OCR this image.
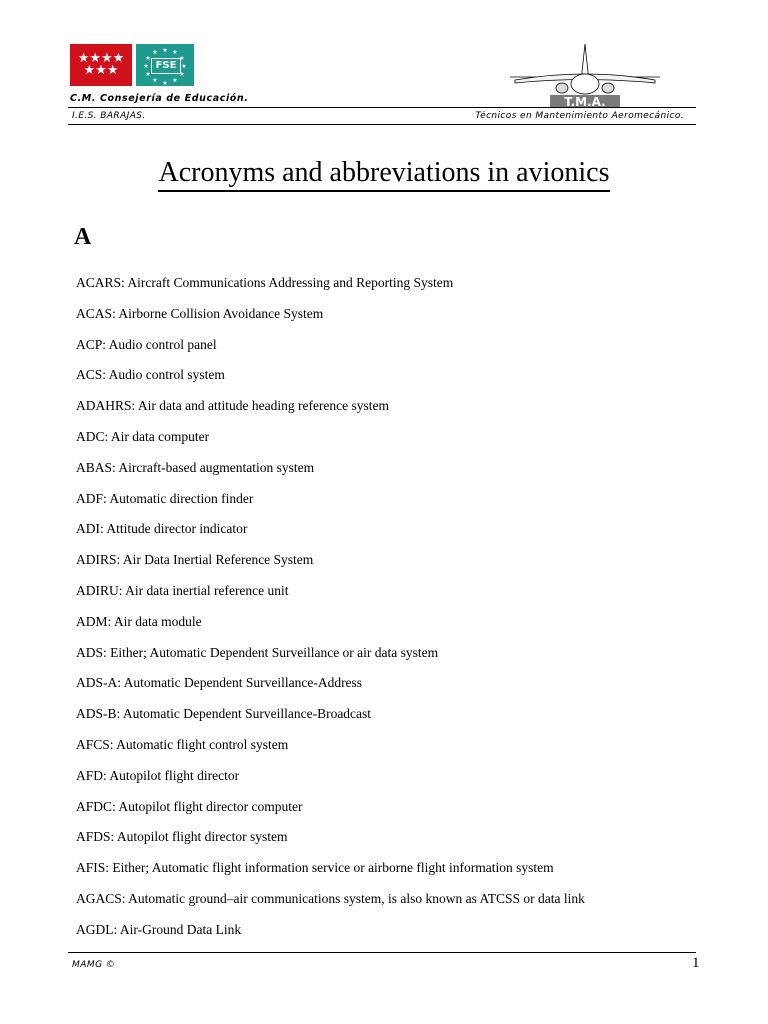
★★★★
★★★
★ ★
★
★
★
★
★
★
★
★
★
★
FSE
T.M.A.
C.M. Consejería de Educación.
I.E.S. BARAJAS.	Técnicos en Mantenimiento Aeromecánico.
Acronyms and abbreviations in avionics
A
ACARS: Aircraft Communications Addressing and Reporting System
ACAS: Airborne Collision Avoidance System
ACP: Audio control panel
ACS: Audio control system
ADAHRS: Air data and attitude heading reference system
ADC: Air data computer
ABAS: Aircraft-based augmentation system
ADF: Automatic direction finder
ADI: Attitude director indicator
ADIRS: Air Data Inertial Reference System
ADIRU: Air data inertial reference unit
ADM: Air data module
ADS: Either; Automatic Dependent Surveillance or air data system
ADS-A: Automatic Dependent Surveillance-Address
ADS-B: Automatic Dependent Surveillance-Broadcast
AFCS: Automatic flight control system
AFD: Autopilot flight director
AFDC: Autopilot flight director computer
AFDS: Autopilot flight director system
AFIS: Either; Automatic flight information service or airborne flight information system
AGACS: Automatic ground–air communications system, is also known as ATCSS or data link
AGDL: Air-Ground Data Link
MAMG ©	1
